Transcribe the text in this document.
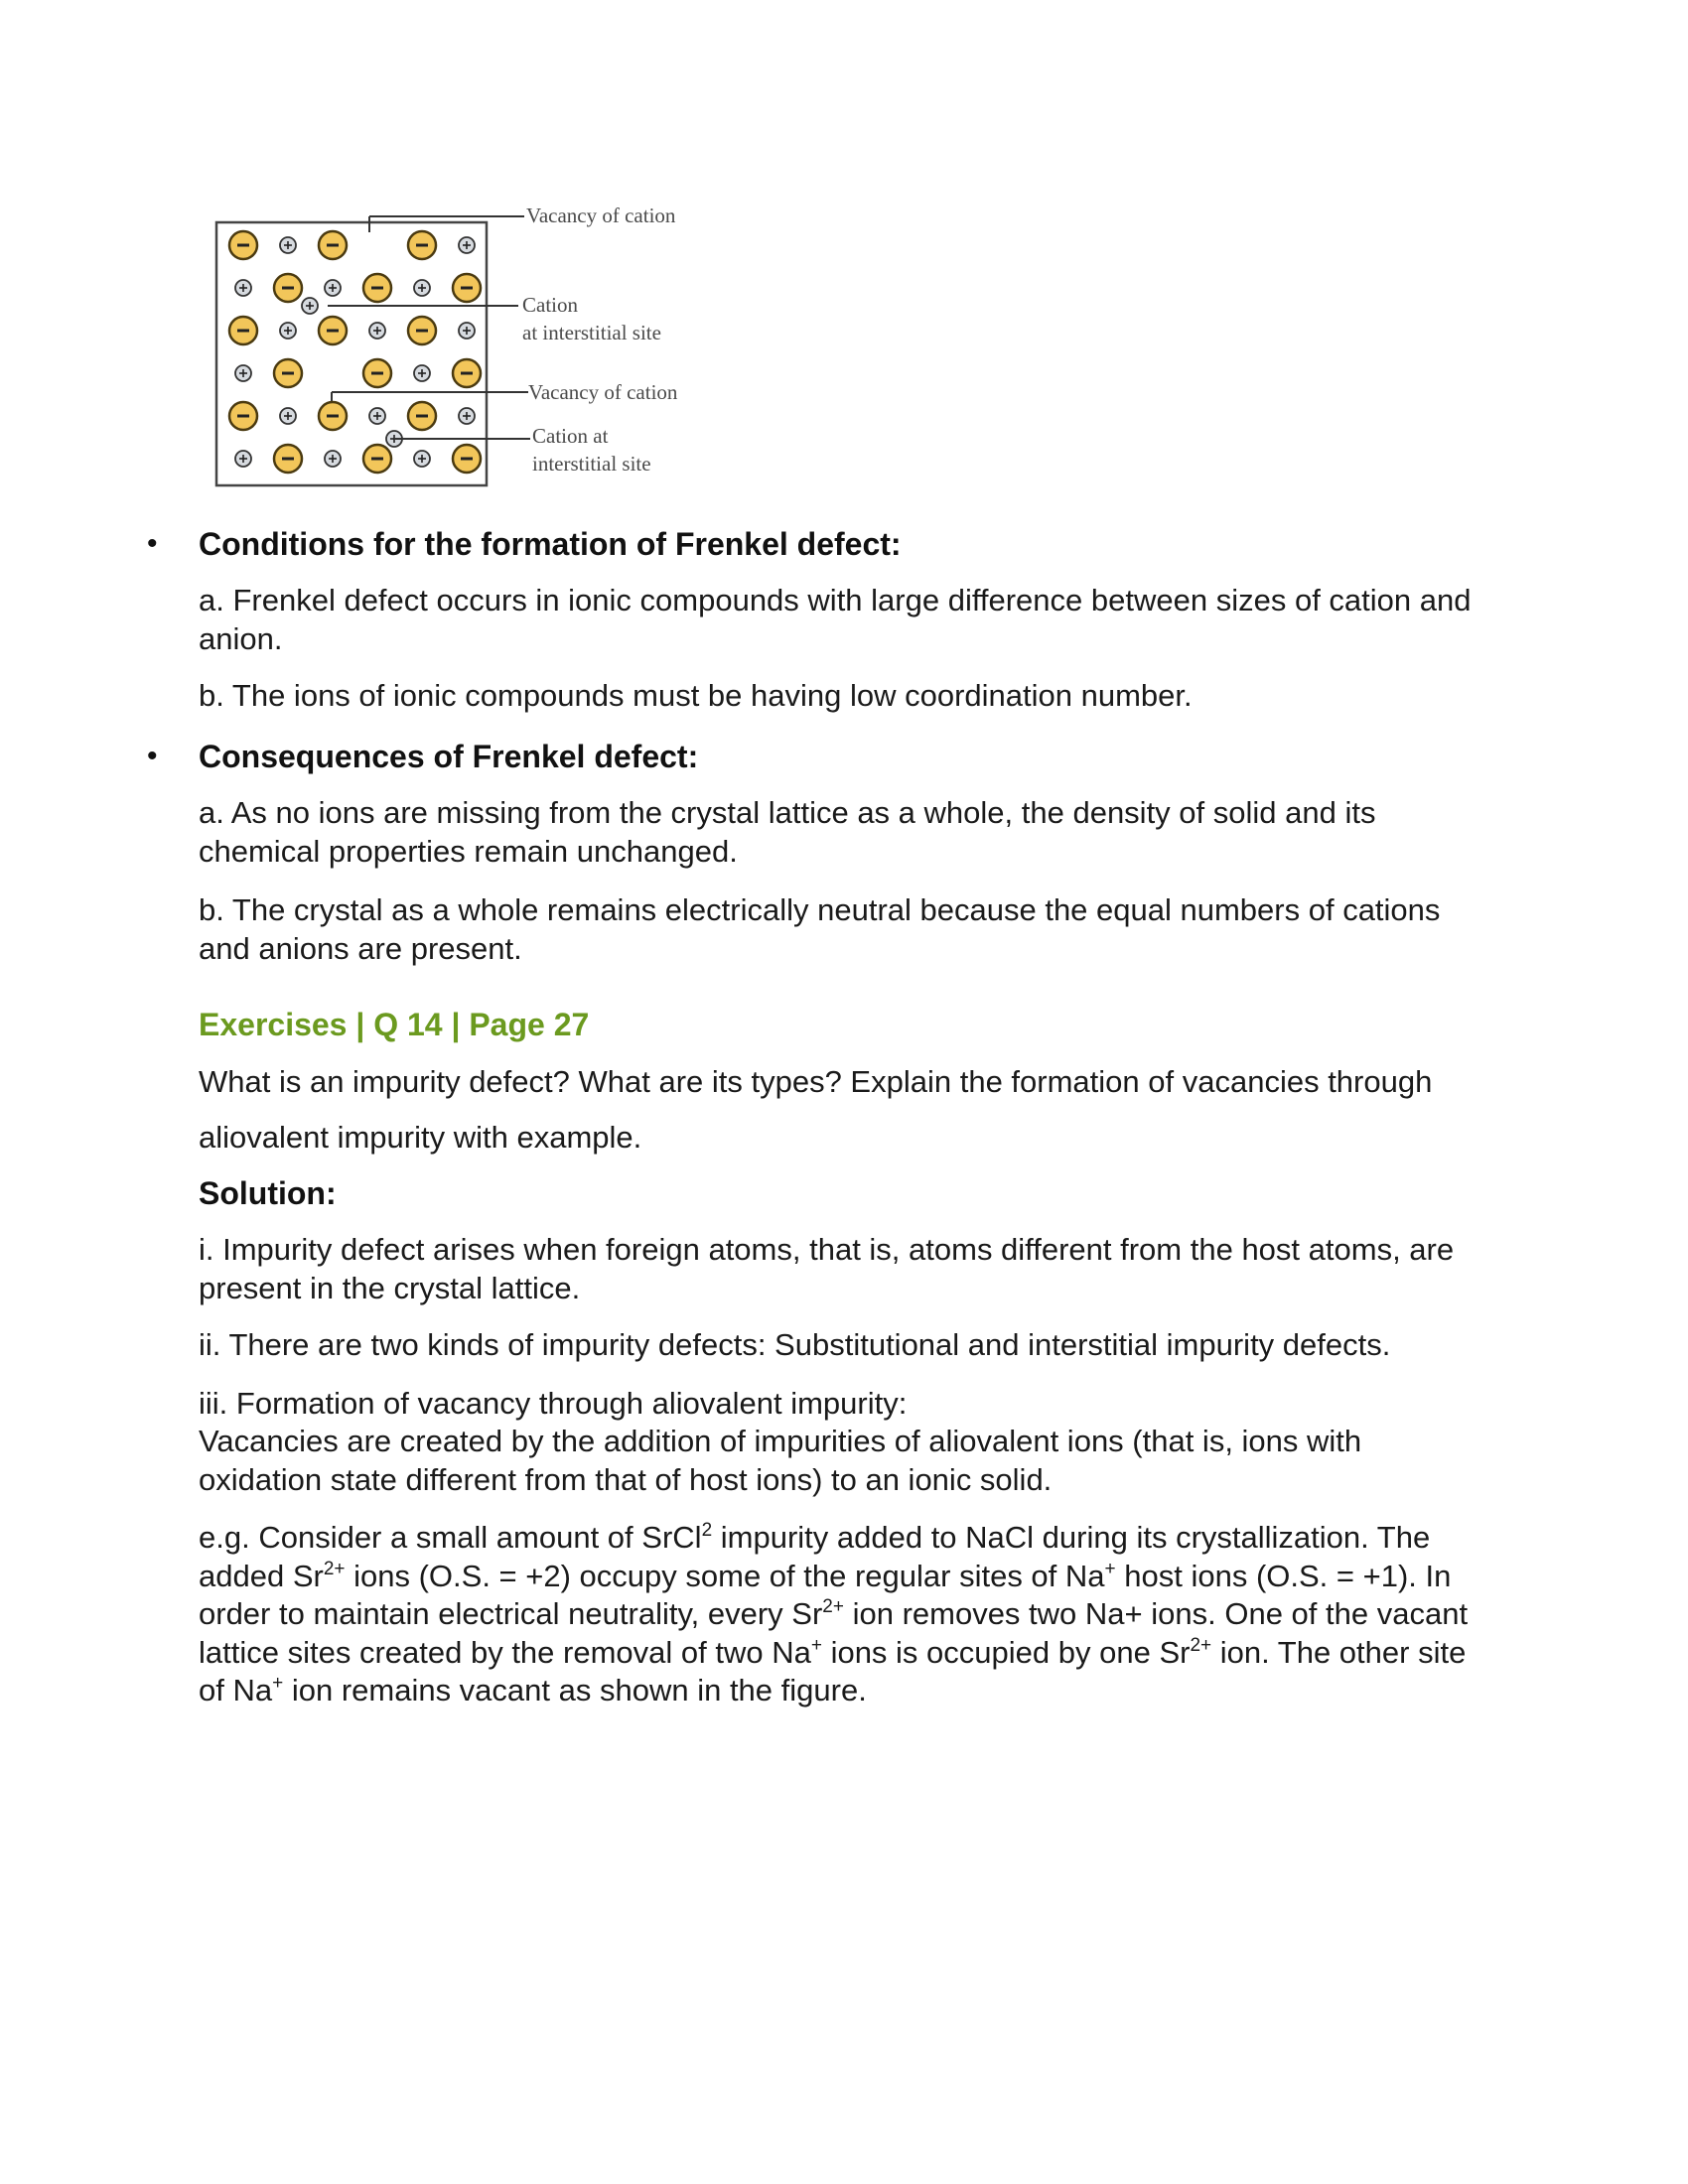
Vacancy of cation
Cation
at interstitial site
Vacancy of cation
Cation at
interstitial site
• Conditions for the formation of Frenkel defect:
a. Frenkel defect occurs in ionic compounds with large difference between sizes of cation and anion.
b. The ions of ionic compounds must be having low coordination number.
• Consequences of Frenkel defect:
a. As no ions are missing from the crystal lattice as a whole, the density of solid and its chemical properties remain unchanged.
b. The crystal as a whole remains electrically neutral because the equal numbers of cations and anions are present.
Exercises | Q 14 | Page 27
What is an impurity defect? What are its types? Explain the formation of vacancies through aliovalent impurity with example.
Solution:
i. Impurity defect arises when foreign atoms, that is, atoms different from the host atoms, are present in the crystal lattice.
ii. There are two kinds of impurity defects: Substitutional and interstitial impurity defects.
iii. Formation of vacancy through aliovalent impurity:
Vacancies are created by the addition of impurities of aliovalent ions (that is, ions with oxidation state different from that of host ions) to an ionic solid.
e.g. Consider a small amount of SrCl$^2$ impurity added to NaCl during its crystallization. The added $Sr^{2+}$ ions (O.S. = +2) occupy some of the regular sites of Na+ host ions (O.S. = +1). In order to maintain electrical neutrality, every $Sr^{2+}$ ion removes two Na+ ions. One of the vacant lattice sites created by the removal of two Na+ ions is occupied by one $Sr^{2+}$ ion. The other site of Na+ ion remains vacant as shown in the figure.
